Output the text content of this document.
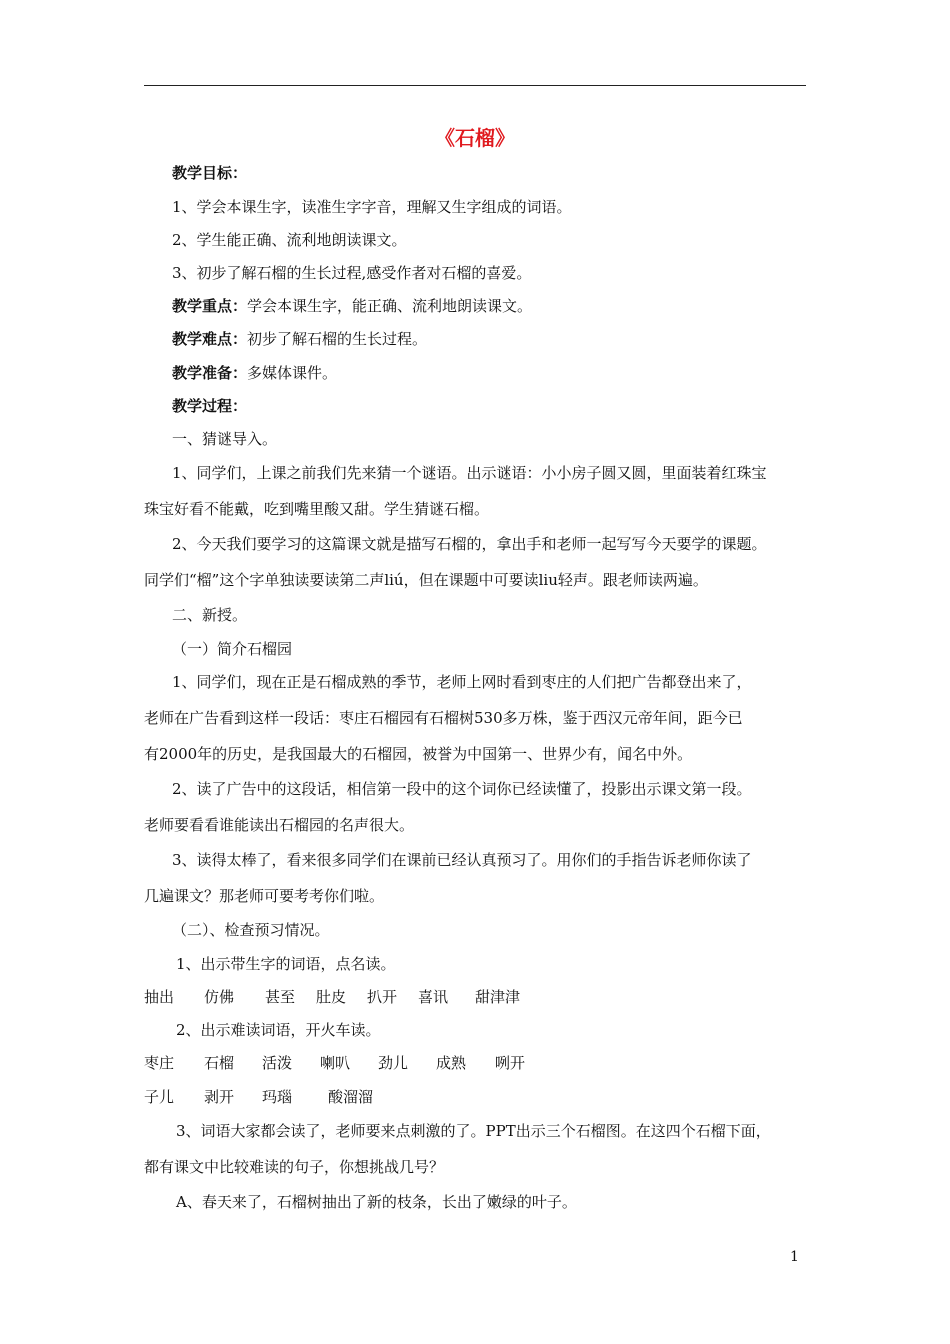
《石榴》
教学目标：
1、学会本课生字，读准生字字音，理解又生字组成的词语。
2、学生能正确、流利地朗读课文。
3、初步了解石榴的生长过程,感受作者对石榴的喜爱。
教学重点：学会本课生字，能正确、流利地朗读课文。
教学难点：初步了解石榴的生长过程。
教学准备：多媒体课件。
教学过程：
一、猜谜导入。
1、同学们，上课之前我们先来猜一个谜语。出示谜语：小小房子圆又圆，里面装着红珠宝
珠宝好看不能戴，吃到嘴里酸又甜。学生猜谜石榴。
2、今天我们要学习的这篇课文就是描写石榴的，拿出手和老师一起写写今天要学的课题。
同学们“榴”这个字单独读要读第二声liú，但在课题中可要读liu轻声。跟老师读两遍。
二、新授。
（一）简介石榴园
1、同学们，现在正是石榴成熟的季节，老师上网时看到枣庄的人们把广告都登出来了，
老师在广告看到这样一段话：枣庄石榴园有石榴树530多万株，鉴于西汉元帝年间，距今已
有2000年的历史，是我国最大的石榴园，被誉为中国第一、世界少有，闻名中外。
2、读了广告中的这段话，相信第一段中的这个词你已经读懂了，投影出示课文第一段。
老师要看看谁能读出石榴园的名声很大。
3、读得太棒了，看来很多同学们在课前已经认真预习了。用你们的手指告诉老师你读了
几遍课文？那老师可要考考你们啦。
（二）、检查预习情况。
1、出示带生字的词语，点名读。
抽出 仿佛 甚至 肚皮 扒开 喜讯 甜津津
2、出示难读词语，开火车读。
枣庄 石榴 活泼 喇叭 劲儿 成熟 咧开
子儿 剥开 玛瑙 酸溜溜
3、词语大家都会读了，老师要来点刺激的了。PPT出示三个石榴图。在这四个石榴下面，
都有课文中比较难读的句子，你想挑战几号？
A、春天来了，石榴树抽出了新的枝条，长出了嫩绿的叶子。
1
